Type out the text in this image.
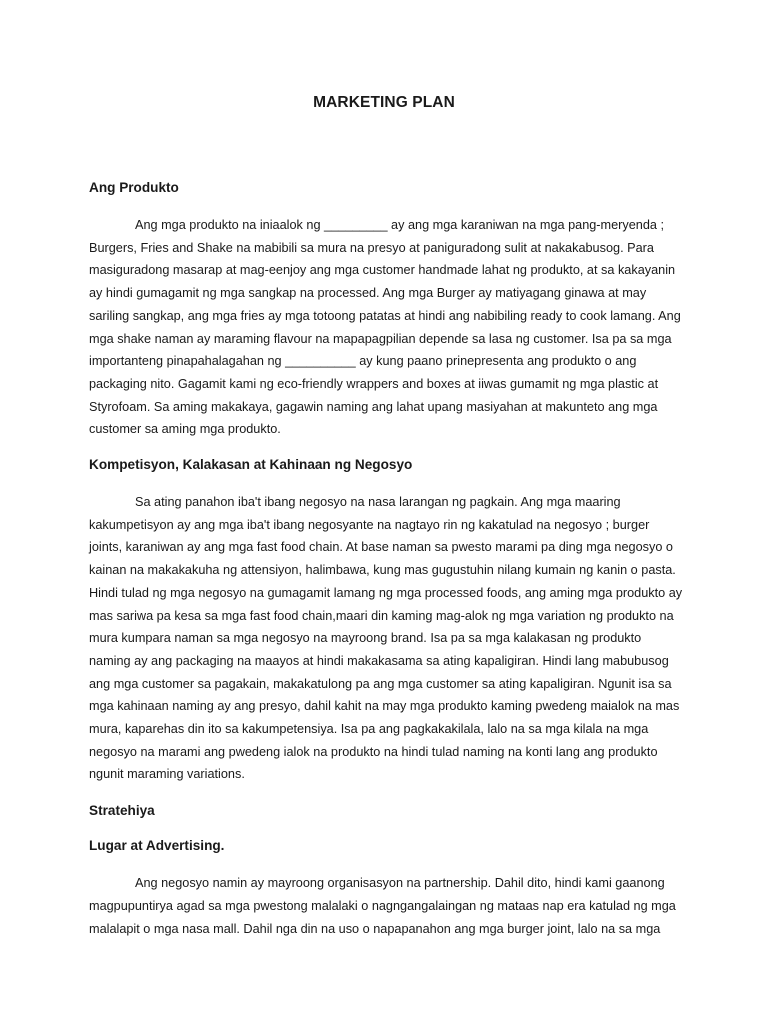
MARKETING PLAN
Ang Produkto

Ang mga produkto na iniaalok ng _________ ay ang mga karaniwan na mga pang-meryenda ;
Burgers, Fries and Shake na mabibili sa mura na presyo at paniguradong sulit at nakakabusog. Para
masiguradong masarap at mag-eenjoy ang mga customer handmade lahat ng produkto, at sa kakayanin
ay hindi gumagamit ng mga sangkap na processed. Ang mga Burger ay matiyagang ginawa at may
sariling sangkap, ang mga fries ay mga totoong patatas at hindi ang nabibiling ready to cook lamang. Ang
mga shake naman ay maraming flavour na mapapagpilian depende sa lasa ng customer. Isa pa sa mga
importanteng pinapahalagahan ng __________ ay kung paano prinepresenta ang produkto o ang
packaging nito. Gagamit kami ng eco-friendly wrappers and boxes at iiwas gumamit ng mga plastic at
Styrofoam. Sa aming makakaya, gagawin naming ang lahat upang masiyahan at makunteto ang mga
customer sa aming mga produkto.

Kompetisyon, Kalakasan at Kahinaan ng Negosyo

Sa ating panahon iba't ibang negosyo na nasa larangan ng pagkain. Ang mga maaring
kakumpetisyon ay ang mga iba't ibang negosyante na nagtayo rin ng kakatulad na negosyo ; burger
joints, karaniwan ay ang mga fast food chain. At base naman sa pwesto marami pa ding mga negosyo o
kainan na makakakuha ng attensiyon, halimbawa, kung mas gugustuhin nilang kumain ng kanin o pasta.
Hindi tulad ng mga negosyo na gumagamit lamang ng mga processed foods, ang aming mga produkto ay
mas sariwa pa kesa sa mga fast food chain,maari din kaming mag-alok ng mga variation ng produkto na
mura kumpara naman sa mga negosyo na mayroong brand. Isa pa sa mga kalakasan ng produkto
naming ay ang packaging na maayos at hindi makakasama sa ating kapaligiran. Hindi lang mabubusog
ang mga customer sa pagakain, makakatulong pa ang mga customer sa ating kapaligiran. Ngunit isa sa
mga kahinaan naming ay ang presyo, dahil kahit na may mga produkto kaming pwedeng maialok na mas
mura, kaparehas din ito sa kakumpetensiya. Isa pa ang pagkakakilala, lalo na sa mga kilala na mga
negosyo na marami ang pwedeng ialok na produkto na hindi tulad naming na konti lang ang produkto
ngunit maraming variations.

Stratehiya
Lugar at Advertising.

Ang negosyo namin ay mayroong organisasyon na partnership. Dahil dito, hindi kami gaanong
magpupuntirya agad sa mga pwestong malalaki o nagngangalaingan ng mataas nap era katulad ng mga
malalapit o mga nasa mall. Dahil nga din na uso o napapanahon ang mga burger joint, lalo na sa mga
